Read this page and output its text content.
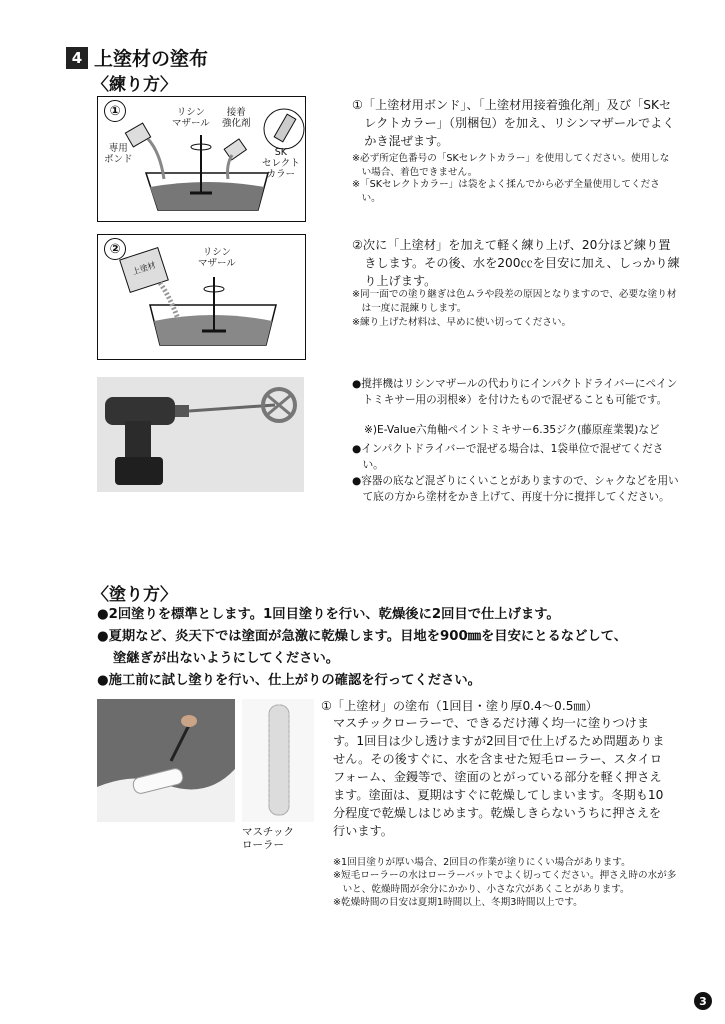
4 上塗材の塗布
〈練り方〉
①	リシン
マザール
接着
強化剤
専用
ボンド
SK
セレクト
カラー
①「上塗材用ボンド」、「上塗材用接着強化剤」及び「SKセレクトカラー」（別梱包）を加え、リシンマザールでよくかき混ぜます。
※必ず所定色番号の「SKセレクトカラー」を使用してください。使用しない場合、着色できません。
※「SKセレクトカラー」は袋をよく揉んでから必ず全量使用してください。
②
上塗材
リシン
マザール
②次に「上塗材」を加えて軽く練り上げ、20分ほど練り置きします。その後、水を200㏄を目安に加え、しっかり練り上げます。
※同一面での塗り継ぎは色ムラや段差の原因となりますので、必要な塗り材は一度に混練りします。
※練り上げた材料は、早めに使い切ってください。
●撹拌機はリシンマザールの代わりにインパクトドライバーにペイントミキサー用の羽根※）を付けたもので混ぜることも可能です。
※)E-Value六角軸ペイントミキサー6.35ジク(藤原産業製)など
●インパクトドライバーで混ぜる場合は、1袋単位で混ぜてください。
●容器の底など混ざりにくいことがありますので、シャクなどを用いて底の方から塗材をかき上げて、再度十分に撹拌してください。
〈塗り方〉
●2回塗りを標準とします。1回目塗りを行い、乾燥後に2回目で仕上げます。
●夏期など、炎天下では塗面が急激に乾燥します。目地を900㎜を目安にとるなどして、
塗継ぎが出ないようにしてください。
●施工前に試し塗りを行い、仕上がりの確認を行ってください。
マスチック
ローラー
①「上塗材」の塗布（1回目・塗り厚0.4～0.5㎜）
マスチックローラーで、できるだけ薄く均一に塗りつけます。1回目は少し透けますが2回目で仕上げるため問題ありません。その後すぐに、水を含ませた短毛ローラー、スタイロフォーム、金鏝等で、塗面のとがっている部分を軽く押さえます。塗面は、夏期はすぐに乾燥してしまいます。冬期も10分程度で乾燥しはじめます。乾燥しきらないうちに押さえを行います。
※1回目塗りが厚い場合、2回目の作業が塗りにくい場合があります。
※短毛ローラーの水はローラーバットでよく切ってください。押さえ時の水が多いと、乾燥時間が余分にかかり、小さな穴があくことがあります。
※乾燥時間の目安は夏期1時間以上、冬期3時間以上です。
3
